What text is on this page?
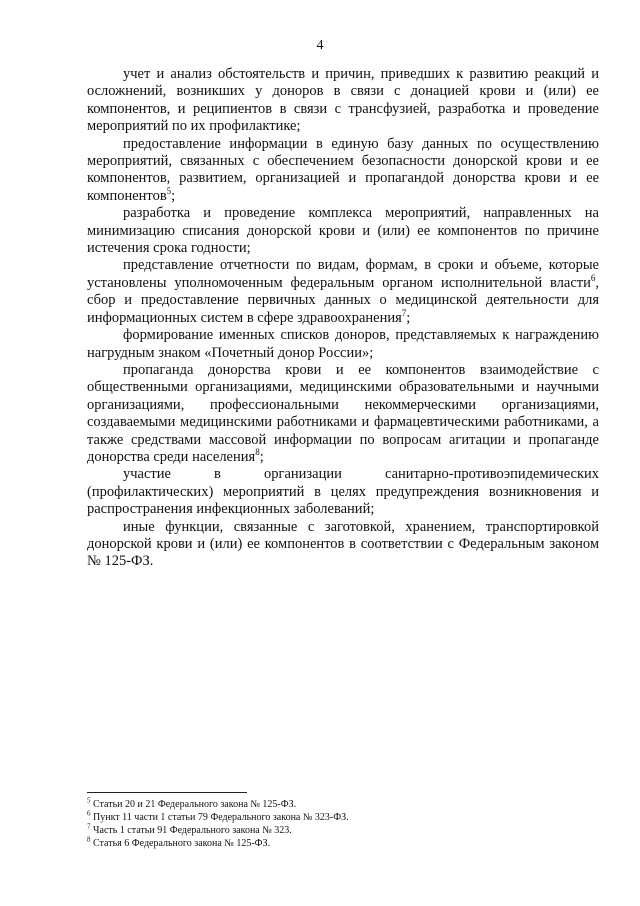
4

учет и анализ обстоятельств и причин, приведших к развитию реакций и осложнений, возникших у доноров в связи с донацией крови и (или) ее компонентов, и реципиентов в связи с трансфузией, разработка и проведение мероприятий по их профилактике;

предоставление информации в единую базу данных по осуществлению мероприятий, связанных с обеспечением безопасности донорской крови и ее компонентов, развитием, организацией и пропагандой донорства крови и ее компонентов$^5$;

разработка и проведение комплекса мероприятий, направленных на минимизацию списания донорской крови и (или) ее компонентов по причине истечения срока годности;

представление отчетности по видам, формам, в сроки и объеме, которые установлены уполномоченным федеральным органом исполнительной власти$^6$, сбор и предоставление первичных данных о медицинской деятельности для информационных систем в сфере здравоохранения$^7$;

формирование именных списков доноров, представляемых к награждению нагрудным знаком «Почетный донор России»;

пропаганда донорства крови и ее компонентов взаимодействие с общественными организациями, медицинскими образовательными и научными организациями, профессиональными некоммерческими организациями, создаваемыми медицинскими работниками и фармацевтическими работниками, а также средствами массовой информации по вопросам агитации и пропаганде донорства среди населения$^8$;

участие в организации санитарно-противоэпидемических (профилактических) мероприятий в целях предупреждения возникновения и распространения инфекционных заболеваний;

иные функции, связанные с заготовкой, хранением, транспортировкой донорской крови и (или) ее компонентов в соответствии с Федеральным законом № 125-ФЗ.

$^5$ Статьи 20 и 21 Федерального закона № 125-ФЗ.

$^6$ Пункт 11 части 1 статьи 79 Федерального закона № 323-ФЗ.

$^7$ Часть 1 статьи 91 Федерального закона № 323.

$^8$ Статья 6 Федерального закона № 125-ФЗ.
